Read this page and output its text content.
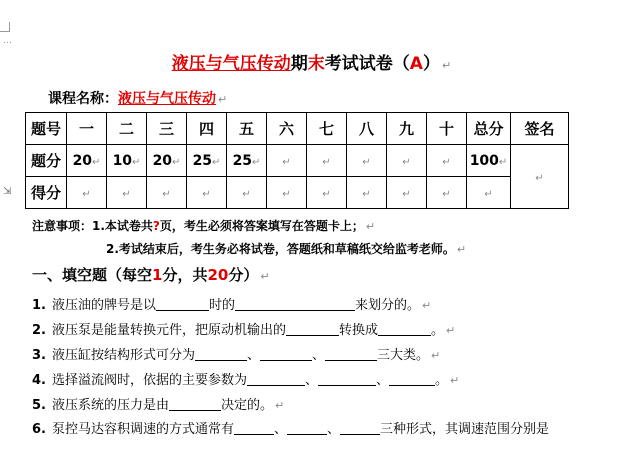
…
⇲
液压与气压传动期末考试试卷（A） ↵
课程名称：液压与气压传动 ↵
题号	一	二	三	四	五	六	七	八	九	十	总分	签名
题分	20↵	10↵	20↵	25↵	25↵	↵	↵	↵	↵	↵	100↵	↵
得分	↵	↵	↵	↵	↵	↵	↵	↵	↵	↵	↵	
注意事项：1.本试卷共?页，考生必须将答案填写在答题卡上； ↵
2.考试结束后，考生务必将试卷，答题纸和草稿纸交给监考老师。 ↵
一、填空题（每空1分，共20分） ↵
1. 液压油的牌号是以	时的	来划分的。 ↵
2. 液压泵是能量转换元件，把原动机输出的	转换成	。 ↵
3. 液压缸按结构形式可分为	、	、	三大类。 ↵
4. 选择溢流阀时，依据的主要参数为	、	、	。 ↵
5. 液压系统的压力是由	决定的。 ↵
6. 泵控马达容积调速的方式通常有	、	、	三种形式，其调速范围分别是
